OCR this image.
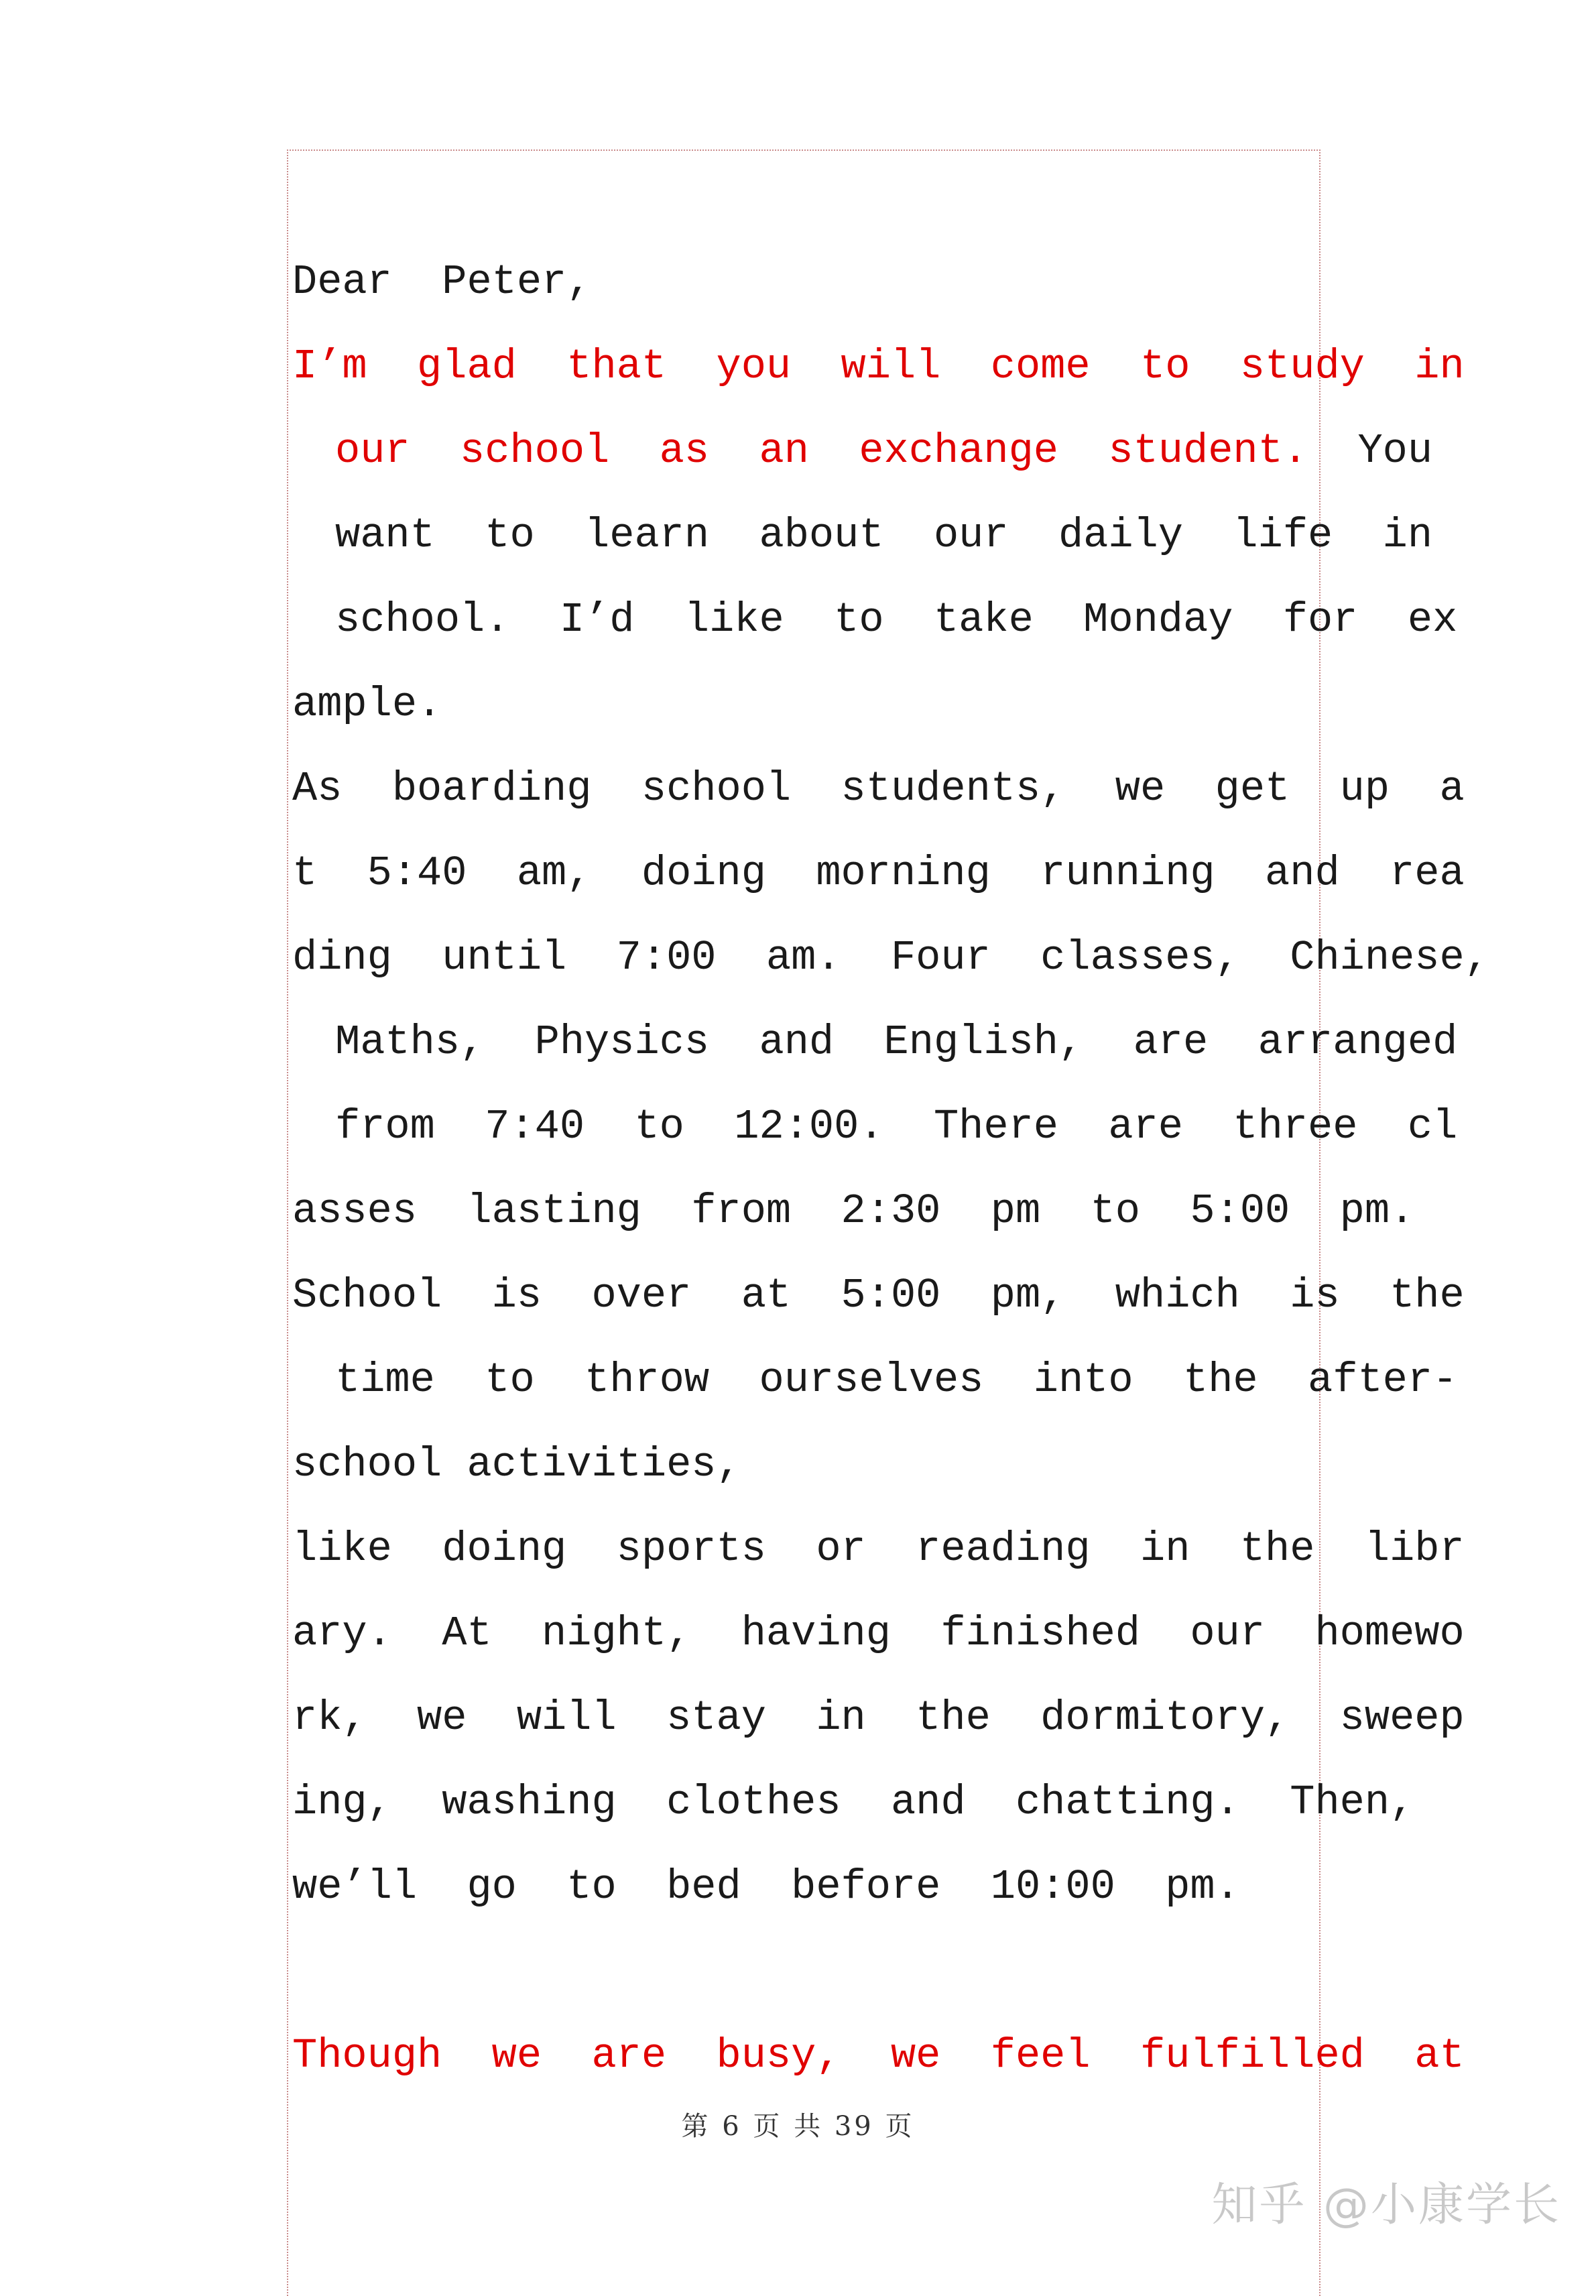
Dear  Peter,
I’m  glad  that  you  will  come  to  study  in
our  school  as  an  exchange  student.  You
want  to  learn  about  our  daily  life  in
school.  I’d  like  to  take  Monday  for  ex
ample.
As  boarding  school  students,  we  get  up  a
t  5:40  am,  doing  morning  running  and  rea
ding  until  7:00  am.  Four  classes,  Chinese,
Maths,  Physics  and  English,  are  arranged
from  7:40  to  12:00.  There  are  three  cl
asses  lasting  from  2:30  pm  to  5:00  pm.
School  is  over  at  5:00  pm,  which  is  the
time  to  throw  ourselves  into  the  after-
school activities,
like  doing  sports  or  reading  in  the  libr
ary.  At  night,  having  finished  our  homewo
rk,  we  will  stay  in  the  dormitory,  sweep
ing,  washing  clothes  and  chatting.  Then,
we’ll  go  to  bed  before  10:00  pm.
Though  we  are  busy,  we  feel  fulfilled  at
第 6 页 共 39 页
知乎 @小康学长
